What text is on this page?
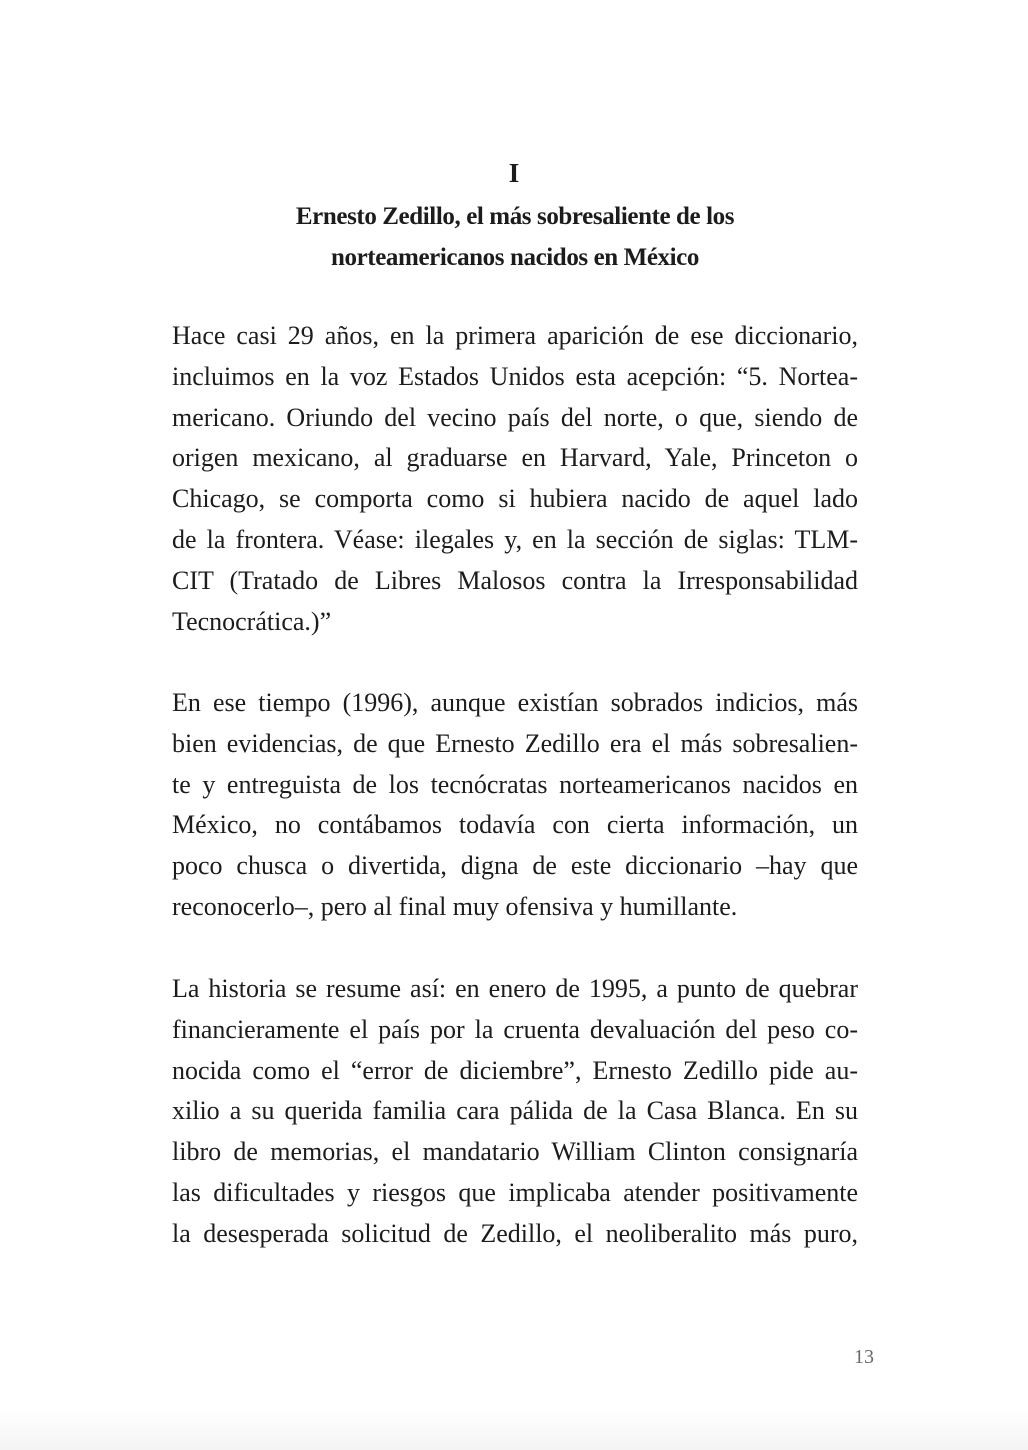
I
Ernesto Zedillo, el más sobresaliente de los
norteamericanos nacidos en México
Hace casi 29 años, en la primera aparición de ese diccionario,
incluimos en la voz Estados Unidos esta acepción: “5. Nortea-
mericano. Oriundo del vecino país del norte, o que, siendo de
origen mexicano, al graduarse en Harvard, Yale, Princeton o
Chicago, se comporta como si hubiera nacido de aquel lado
de la frontera. Véase: ilegales y, en la sección de siglas: TLM-
CIT (Tratado de Libres Malosos contra la Irresponsabilidad
Tecnocrática.)”
En ese tiempo (1996), aunque existían sobrados indicios, más
bien evidencias, de que Ernesto Zedillo era el más sobresalien-
te y entreguista de los tecnócratas norteamericanos nacidos en
México, no contábamos todavía con cierta información, un
poco chusca o divertida, digna de este diccionario –hay que
reconocerlo–, pero al final muy ofensiva y humillante.
La historia se resume así: en enero de 1995, a punto de quebrar
financieramente el país por la cruenta devaluación del peso co-
nocida como el “error de diciembre”, Ernesto Zedillo pide au-
xilio a su querida familia cara pálida de la Casa Blanca. En su
libro de memorias, el mandatario William Clinton consignaría
las dificultades y riesgos que implicaba atender positivamente
la desesperada solicitud de Zedillo, el neoliberalito más puro,
13
